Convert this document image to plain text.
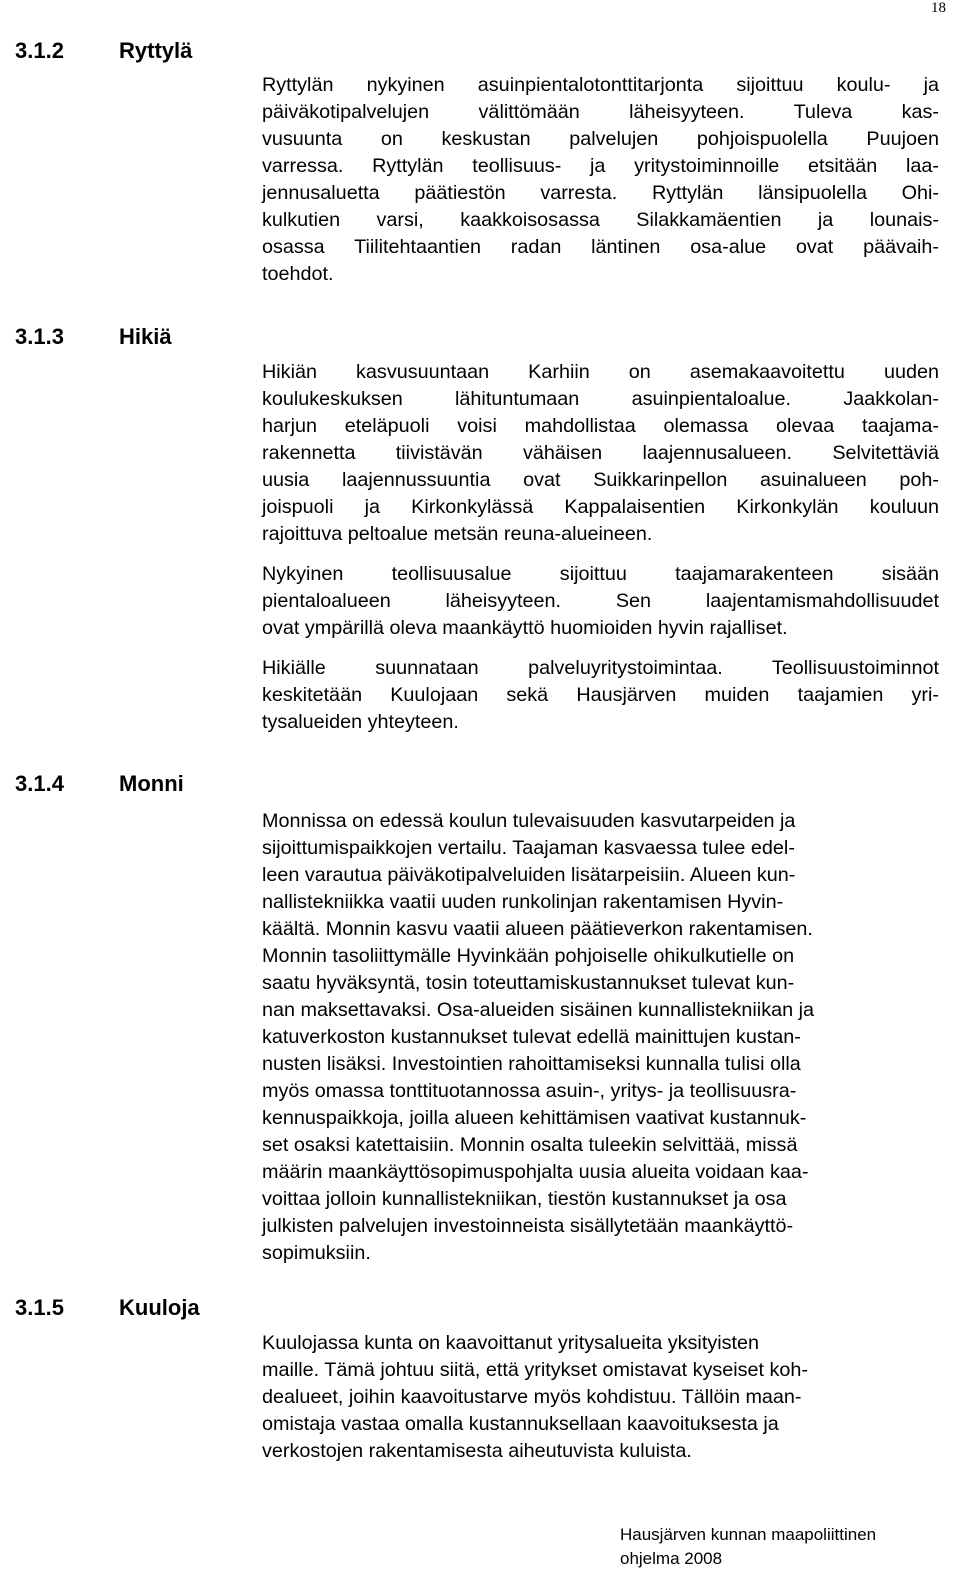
18
3.1.2	Ryttylä
3.1.3	Hikiä
3.1.4	Monni
3.1.5	Kuuloja
Ryttylän nykyinen asuinpientalotonttitarjonta sijoittuu koulu- ja
päiväkotipalvelujen välittömään läheisyyteen. Tuleva kas-
vusuunta on keskustan palvelujen pohjoispuolella Puujoen
varressa. Ryttylän teollisuus- ja yritystoiminnoille etsitään laa-
jennusaluetta päätiestön varresta. Ryttylän länsipuolella Ohi-
kulkutien varsi, kaakkoisosassa Silakkamäentien ja lounais-
osassa Tiilitehtaantien radan läntinen osa-alue ovat päävaih-
toehdot.
Hikiän kasvusuuntaan Karhiin on asemakaavoitettu uuden
koulukeskuksen lähituntumaan asuinpientaloalue. Jaakkolan-
harjun eteläpuoli voisi mahdollistaa olemassa olevaa taajama-
rakennetta tiivistävän vähäisen laajennusalueen. Selvitettäviä
uusia laajennussuuntia ovat Suikkarinpellon asuinalueen poh-
joispuoli ja Kirkonkylässä Kappalaisentien Kirkonkylän kouluun
rajoittuva peltoalue metsän reuna-alueineen.
Nykyinen teollisuusalue sijoittuu taajamarakenteen sisään
pientaloalueen läheisyyteen. Sen laajentamismahdollisuudet
ovat ympärillä oleva maankäyttö huomioiden hyvin rajalliset.
Hikiälle suunnataan palveluyritystoimintaa. Teollisuustoiminnot
keskitetään Kuulojaan sekä Hausjärven muiden taajamien yri-
tysalueiden yhteyteen.
Monnissa on edessä koulun tulevaisuuden kasvutarpeiden ja
sijoittumispaikkojen vertailu. Taajaman kasvaessa tulee edel-
leen varautua päiväkotipalveluiden lisätarpeisiin. Alueen kun-
nallistekniikka vaatii uuden runkolinjan rakentamisen Hyvin-
käältä. Monnin kasvu vaatii alueen päätieverkon rakentamisen.
Monnin tasoliittymälle Hyvinkään pohjoiselle ohikulkutielle on
saatu hyväksyntä, tosin toteuttamiskustannukset tulevat kun-
nan maksettavaksi. Osa-alueiden sisäinen kunnallistekniikan ja
katuverkoston kustannukset tulevat edellä mainittujen kustan-
nusten lisäksi. Investointien rahoittamiseksi kunnalla tulisi olla
myös omassa tonttituotannossa asuin-, yritys- ja teollisuusra-
kennuspaikkoja, joilla alueen kehittämisen vaativat kustannuk-
set osaksi katettaisiin. Monnin osalta tuleekin selvittää, missä
määrin maankäyttösopimuspohjalta uusia alueita voidaan kaa-
voittaa jolloin kunnallistekniikan, tiestön kustannukset ja osa
julkisten palvelujen investoinneista sisällytetään maankäyttö-
sopimuksiin.
Kuulojassa kunta on kaavoittanut yritysalueita yksityisten
maille. Tämä johtuu siitä, että yritykset omistavat kyseiset koh-
dealueet, joihin kaavoitustarve myös kohdistuu. Tällöin maan-
omistaja vastaa omalla kustannuksellaan kaavoituksesta ja
verkostojen rakentamisesta aiheutuvista kuluista.
Hausjärven kunnan maapoliittinen
ohjelma 2008
